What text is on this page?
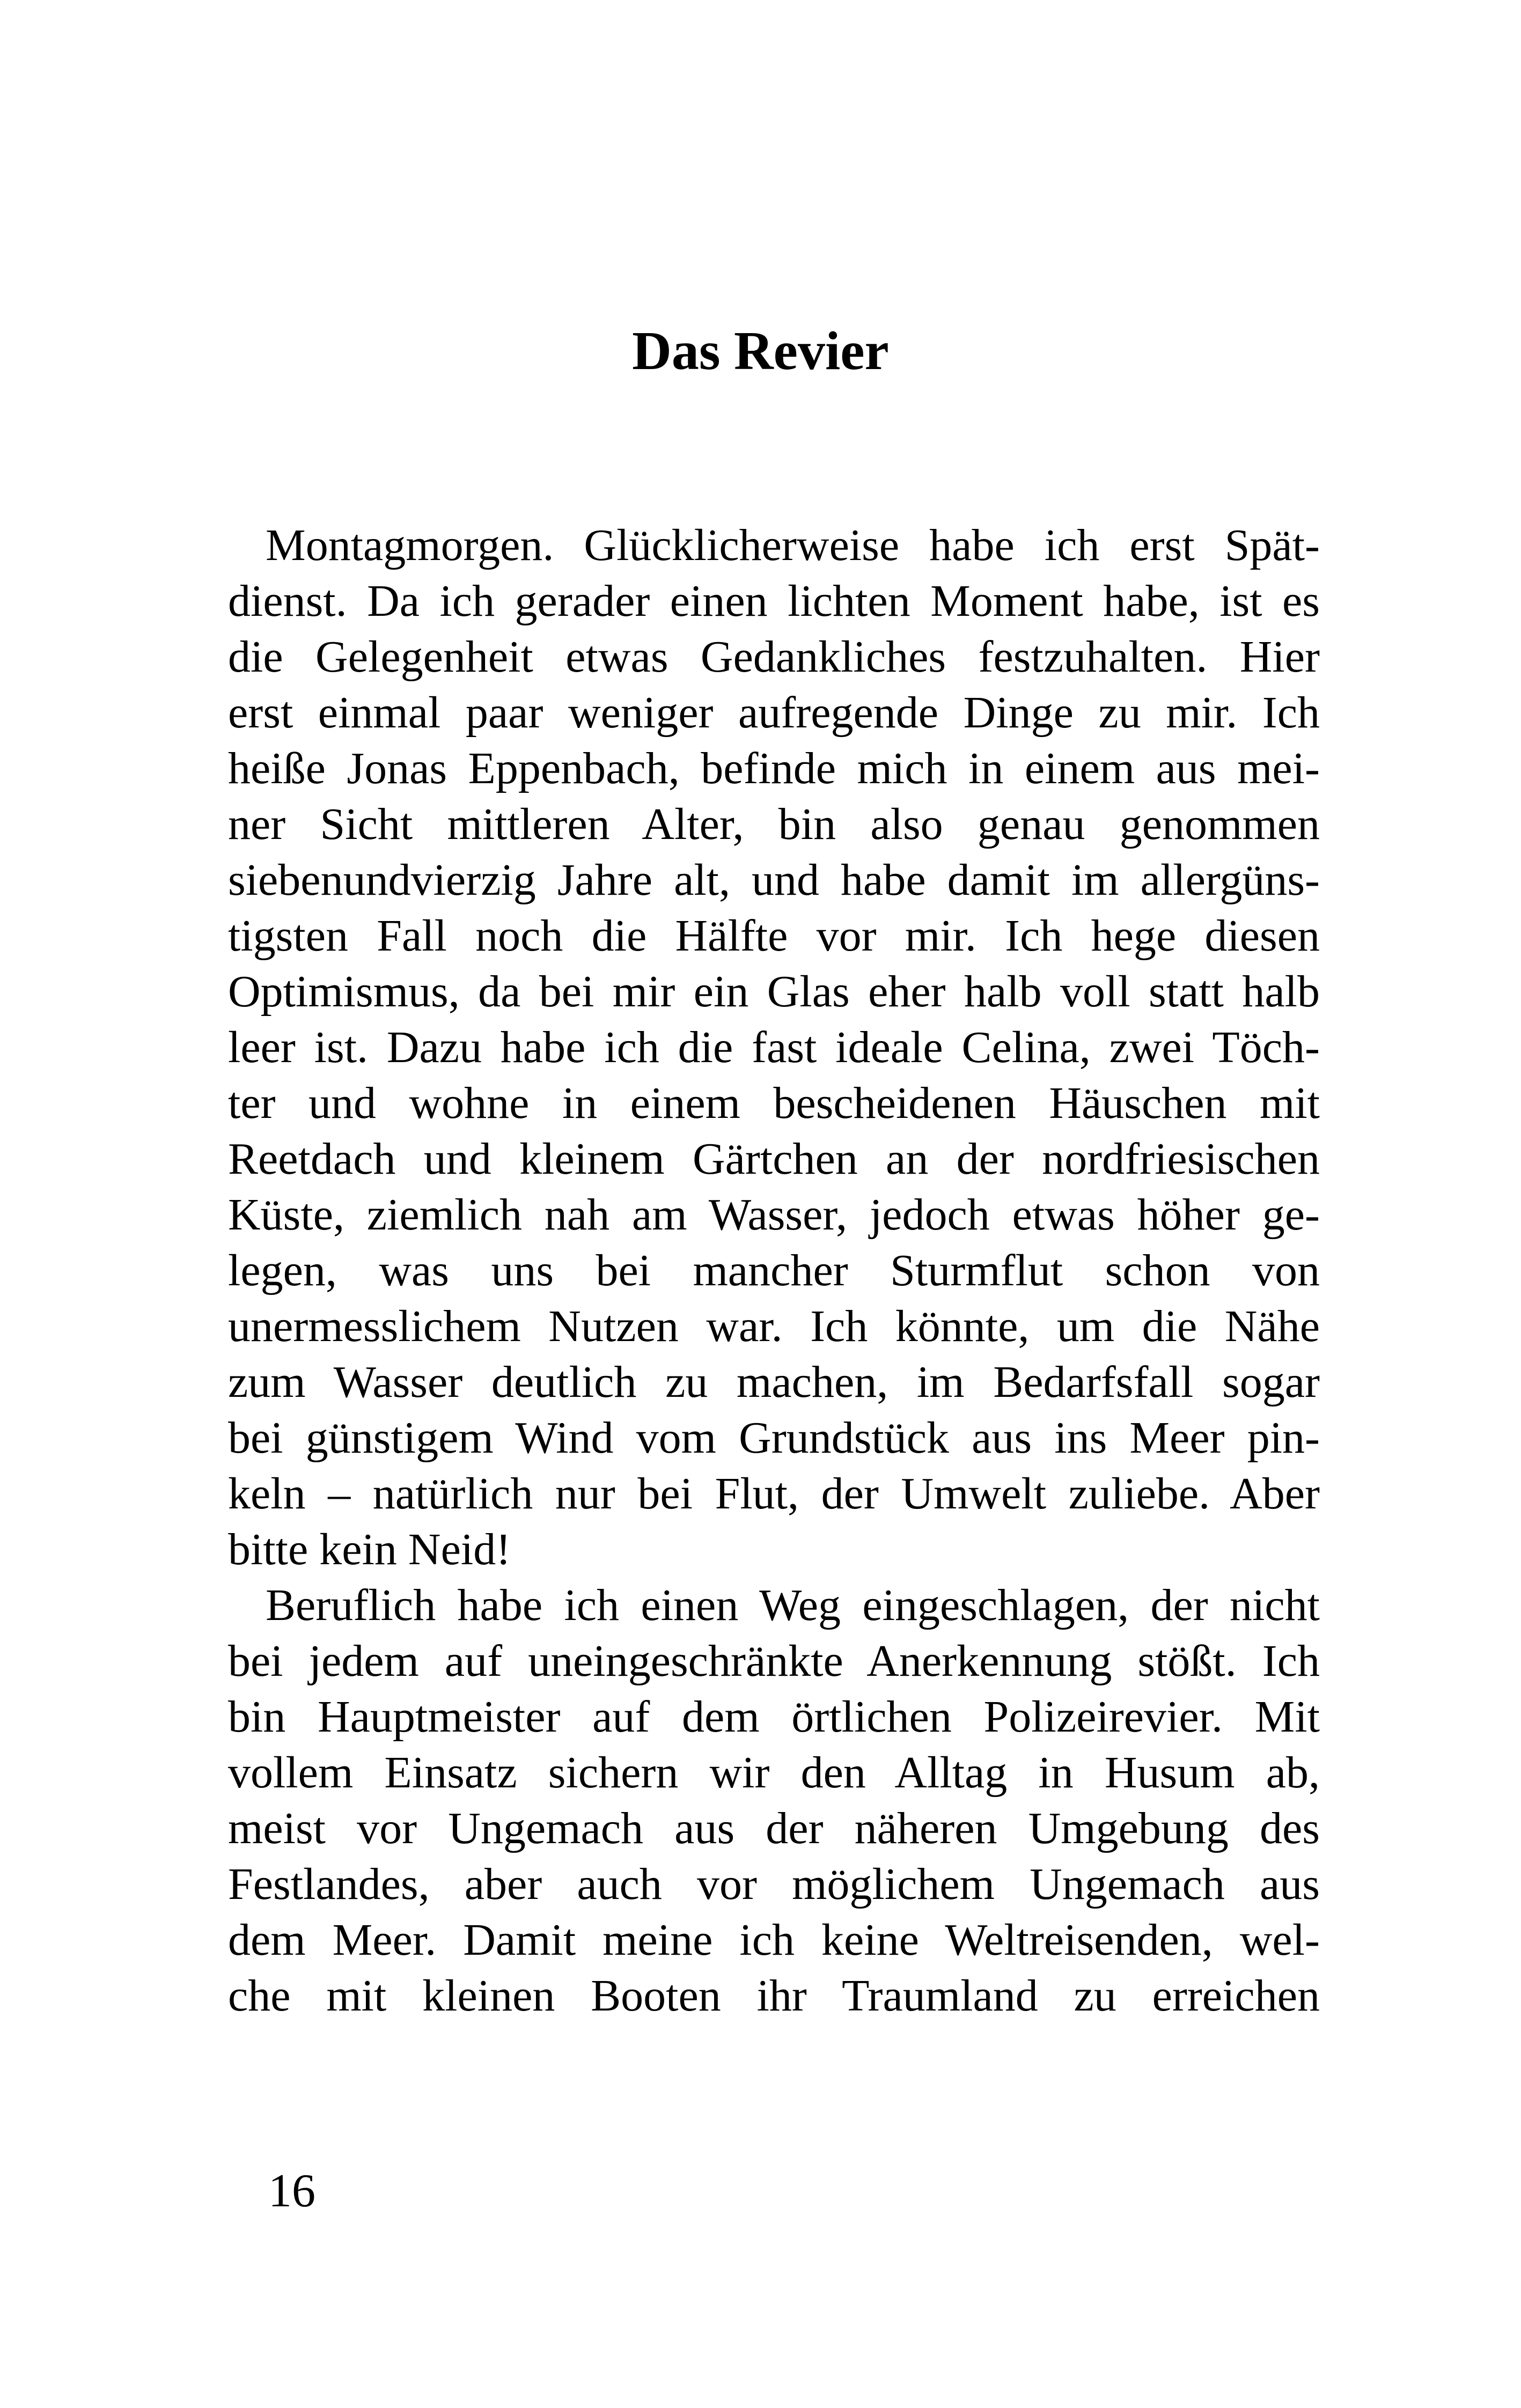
Das Revier
Montagmorgen. Glücklicherweise habe ich erst Spät-
dienst. Da ich gerader einen lichten Moment habe, ist es
die Gelegenheit etwas Gedankliches festzuhalten. Hier
erst einmal paar weniger aufregende Dinge zu mir. Ich
heiße Jonas Eppenbach, befinde mich in einem aus mei-
ner Sicht mittleren Alter, bin also genau genommen
siebenundvierzig Jahre alt, und habe damit im allergüns-
tigsten Fall noch die Hälfte vor mir. Ich hege diesen
Optimismus, da bei mir ein Glas eher halb voll statt halb
leer ist. Dazu habe ich die fast ideale Celina, zwei Töch-
ter und wohne in einem bescheidenen Häuschen mit
Reetdach und kleinem Gärtchen an der nordfriesischen
Küste, ziemlich nah am Wasser, jedoch etwas höher ge-
legen, was uns bei mancher Sturmflut schon von
unermesslichem Nutzen war. Ich könnte, um die Nähe
zum Wasser deutlich zu machen, im Bedarfsfall sogar
bei günstigem Wind vom Grundstück aus ins Meer pin-
keln – natürlich nur bei Flut, der Umwelt zuliebe. Aber
bitte kein Neid!
Beruflich habe ich einen Weg eingeschlagen, der nicht
bei jedem auf uneingeschränkte Anerkennung stößt. Ich
bin Hauptmeister auf dem örtlichen Polizeirevier. Mit
vollem Einsatz sichern wir den Alltag in Husum ab,
meist vor Ungemach aus der näheren Umgebung des
Festlandes, aber auch vor möglichem Ungemach aus
dem Meer. Damit meine ich keine Weltreisenden, wel-
che mit kleinen Booten ihr Traumland zu erreichen
16
